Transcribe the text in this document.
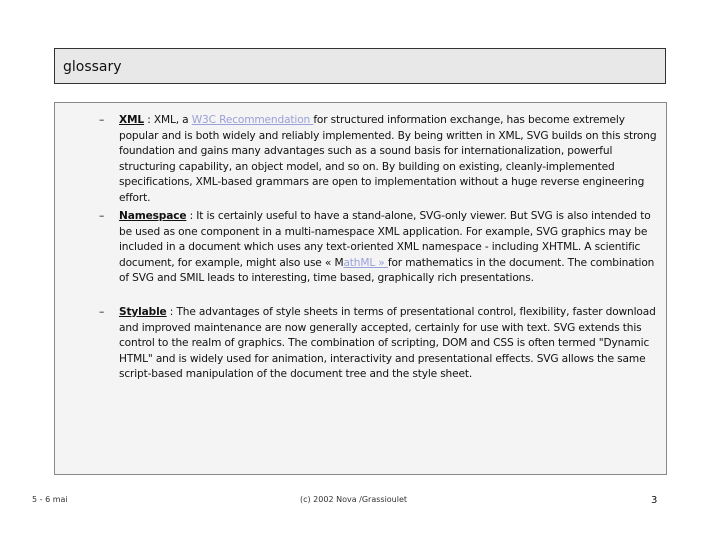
glossary
– XML : XML, a W3C Recommendation for structured information exchange, has become extremely popular and is both widely and reliably implemented. By being written in XML, SVG builds on this strong foundation and gains many advantages such as a sound basis for internationalization, powerful structuring capability, an object model, and so on. By building on existing, cleanly-implemented specifications, XML-based grammars are open to implementation without a huge reverse engineering effort.
– Namespace : It is certainly useful to have a stand-alone, SVG-only viewer. But SVG is also intended to be used as one component in a multi-namespace XML application. For example, SVG graphics may be included in a document which uses any text-oriented XML namespace - including XHTML. A scientific document, for example, might also use « MathML » for mathematics in the document. The combination of SVG and SMIL leads to interesting, time based, graphically rich presentations.
– Stylable : The advantages of style sheets in terms of presentational control, flexibility, faster download and improved maintenance are now generally accepted, certainly for use with text. SVG extends this control to the realm of graphics. The combination of scripting, DOM and CSS is often termed "Dynamic HTML" and is widely used for animation, interactivity and presentational effects. SVG allows the same script-based manipulation of the document tree and the style sheet.
5 - 6 mai	(c) 2002 Nova /Grassioulet	3
